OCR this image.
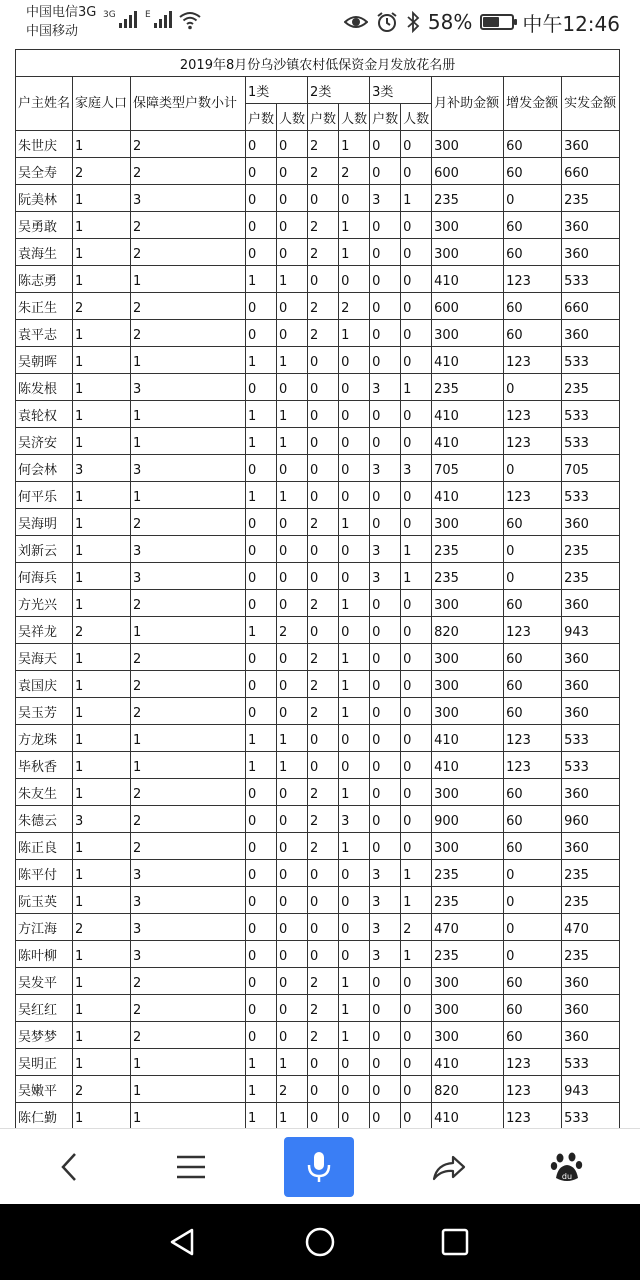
中国电信3G
中国移动
3G	E	58%	中午12:46
2019年8月份乌沙镇农村低保资金月发放花名册											
户主姓名	家庭人口	保障类型户数小计	1类		2类		3类		月补助金额	增发金额	实发金额
			户数	人数	户数	人数	户数	人数			
朱世庆	1	2	0	0	2	1	0	0	300	60	360
吴全寿	2	2	0	0	2	2	0	0	600	60	660
阮美林	1	3	0	0	0	0	3	1	235	0	235
吴勇敢	1	2	0	0	2	1	0	0	300	60	360
袁海生	1	2	0	0	2	1	0	0	300	60	360
陈志勇	1	1	1	1	0	0	0	0	410	123	533
朱正生	2	2	0	0	2	2	0	0	600	60	660
袁平志	1	2	0	0	2	1	0	0	300	60	360
吴朝晖	1	1	1	1	0	0	0	0	410	123	533
陈发根	1	3	0	0	0	0	3	1	235	0	235
袁轮权	1	1	1	1	0	0	0	0	410	123	533
吴济安	1	1	1	1	0	0	0	0	410	123	533
何会林	3	3	0	0	0	0	3	3	705	0	705
何平乐	1	1	1	1	0	0	0	0	410	123	533
吴海明	1	2	0	0	2	1	0	0	300	60	360
刘新云	1	3	0	0	0	0	3	1	235	0	235
何海兵	1	3	0	0	0	0	3	1	235	0	235
方光兴	1	2	0	0	2	1	0	0	300	60	360
吴祥龙	2	1	1	2	0	0	0	0	820	123	943
吴海天	1	2	0	0	2	1	0	0	300	60	360
袁国庆	1	2	0	0	2	1	0	0	300	60	360
吴玉芳	1	2	0	0	2	1	0	0	300	60	360
方龙珠	1	1	1	1	0	0	0	0	410	123	533
毕秋香	1	1	1	1	0	0	0	0	410	123	533
朱友生	1	2	0	0	2	1	0	0	300	60	360
朱德云	3	2	0	0	2	3	0	0	900	60	960
陈正良	1	2	0	0	2	1	0	0	300	60	360
陈平付	1	3	0	0	0	0	3	1	235	0	235
阮玉英	1	3	0	0	0	0	3	1	235	0	235
方江海	2	3	0	0	0	0	3	2	470	0	470
陈叶柳	1	3	0	0	0	0	3	1	235	0	235
吴发平	1	2	0	0	2	1	0	0	300	60	360
吴红红	1	2	0	0	2	1	0	0	300	60	360
吴梦梦	1	2	0	0	2	1	0	0	300	60	360
吴明正	1	1	1	1	0	0	0	0	410	123	533
吴嫩平	2	1	1	2	0	0	0	0	820	123	943
陈仁勤	1	1	1	1	0	0	0	0	410	123	533
du
